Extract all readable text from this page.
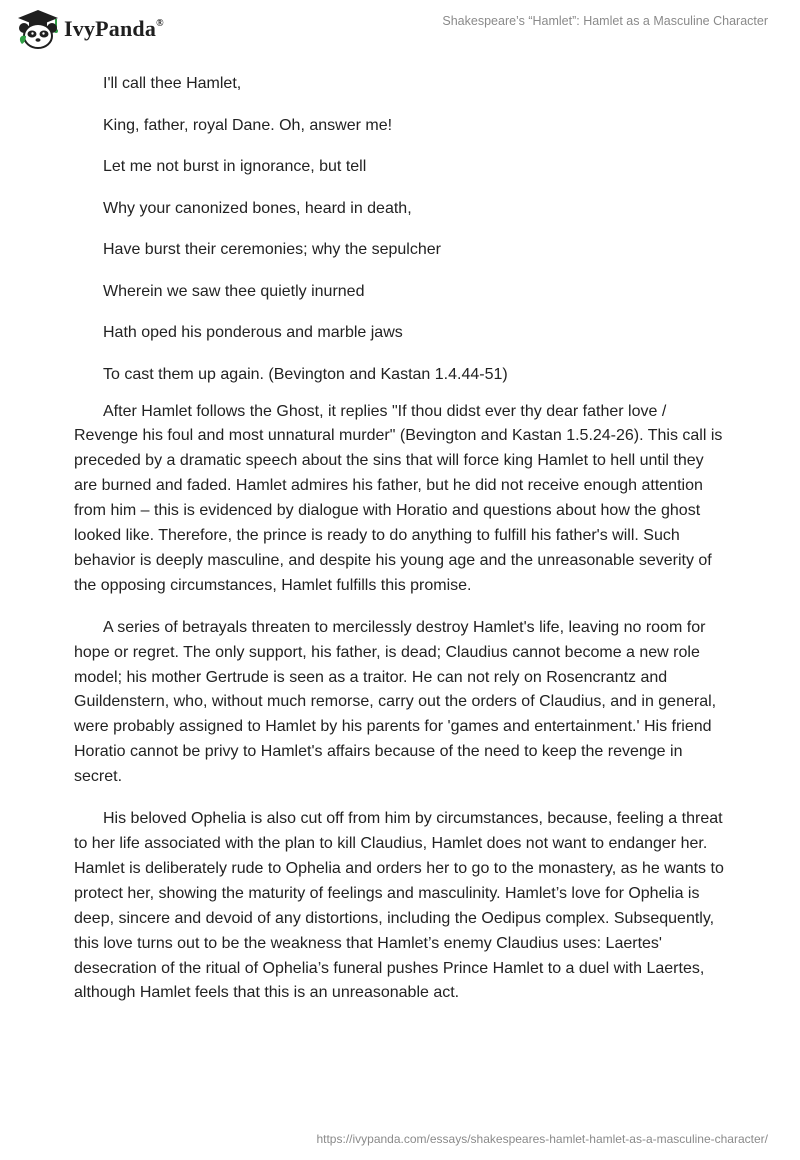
IvyPanda®	Shakespeare’s “Hamlet”: Hamlet as a Masculine Character

I'll call thee Hamlet,

King, father, royal Dane. Oh, answer me!

Let me not burst in ignorance, but tell

Why your canonized bones, heard in death,

Have burst their ceremonies; why the sepulcher

Wherein we saw thee quietly inurned

Hath oped his ponderous and marble jaws

To cast them up again. (Bevington and Kastan 1.4.44-51)

After Hamlet follows the Ghost, it replies "If thou didst ever thy dear father love / Revenge his foul and most unnatural murder" (Bevington and Kastan 1.5.24-26). This call is preceded by a dramatic speech about the sins that will force king Hamlet to hell until they are burned and faded. Hamlet admires his father, but he did not receive enough attention from him – this is evidenced by dialogue with Horatio and questions about how the ghost looked like. Therefore, the prince is ready to do anything to fulfill his father's will. Such behavior is deeply masculine, and despite his young age and the unreasonable severity of the opposing circumstances, Hamlet fulfills this promise.

A series of betrayals threaten to mercilessly destroy Hamlet's life, leaving no room for hope or regret. The only support, his father, is dead; Claudius cannot become a new role model; his mother Gertrude is seen as a traitor. He can not rely on Rosencrantz and Guildenstern, who, without much remorse, carry out the orders of Claudius, and in general, were probably assigned to Hamlet by his parents for 'games and entertainment.' His friend Horatio cannot be privy to Hamlet's affairs because of the need to keep the revenge in secret.

His beloved Ophelia is also cut off from him by circumstances, because, feeling a threat to her life associated with the plan to kill Claudius, Hamlet does not want to endanger her. Hamlet is deliberately rude to Ophelia and orders her to go to the monastery, as he wants to protect her, showing the maturity of feelings and masculinity. Hamlet’s love for Ophelia is deep, sincere and devoid of any distortions, including the Oedipus complex. Subsequently, this love turns out to be the weakness that Hamlet’s enemy Claudius uses: Laertes' desecration of the ritual of Ophelia’s funeral pushes Prince Hamlet to a duel with Laertes, although Hamlet feels that this is an unreasonable act.

https://ivypanda.com/essays/shakespeares-hamlet-hamlet-as-a-masculine-character/
